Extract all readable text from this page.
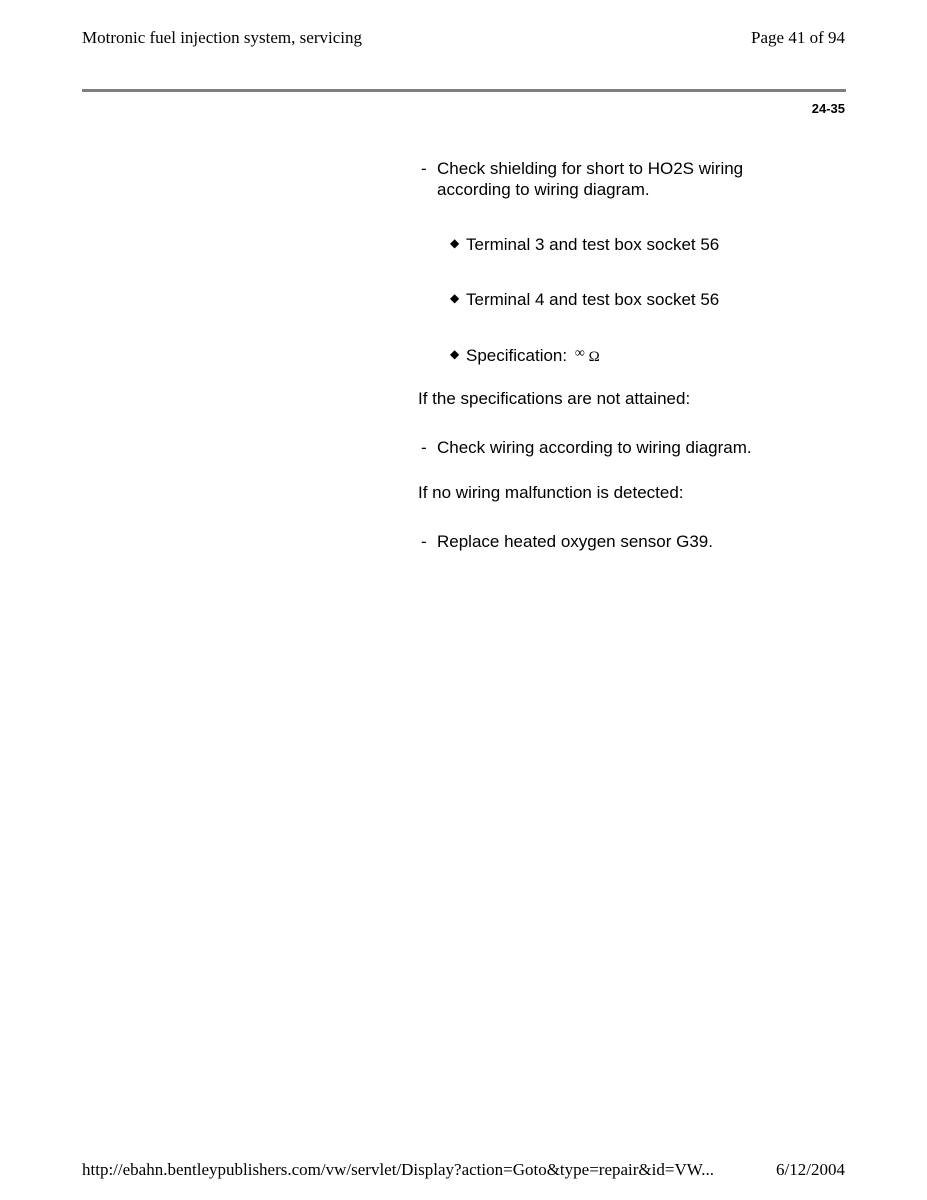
Motronic fuel injection system, servicing	Page 41 of 94
24-35
- Check shielding for short to HO2S wiring according to wiring diagram.
◆ Terminal 3 and test box socket 56
◆ Terminal 4 and test box socket 56
◆ Specification: ∞ Ω
If the specifications are not attained:
- Check wiring according to wiring diagram.
If no wiring malfunction is detected:
- Replace heated oxygen sensor G39.
http://ebahn.bentleypublishers.com/vw/servlet/Display?action=Goto&type=repair&id=VW...	6/12/2004
